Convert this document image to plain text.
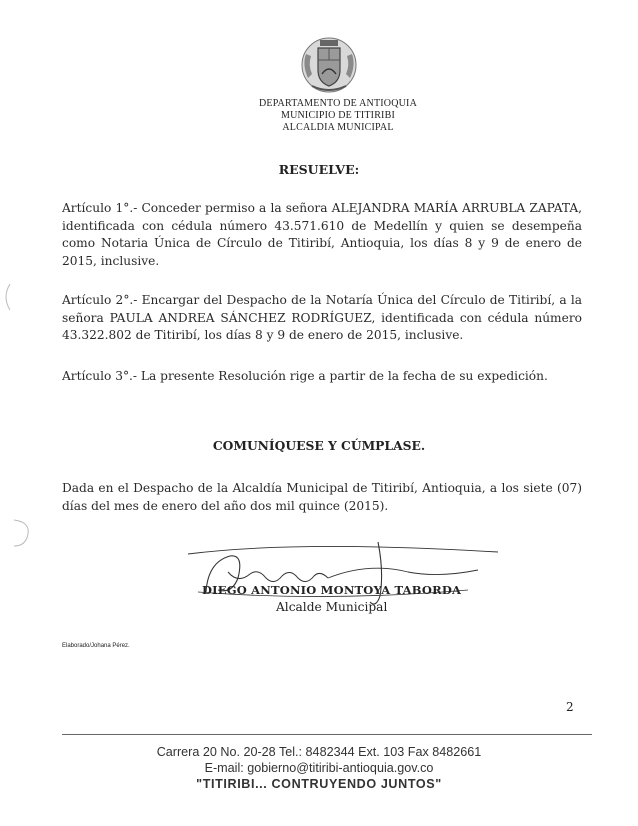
DEPARTAMENTO DE ANTIOQUIA
MUNICIPIO DE TITIRIBI
ALCALDIA MUNICIPAL
RESUELVE:
Artículo 1°.- Conceder permiso a la señora ALEJANDRA MARÍA ARRUBLA ZAPATA, identificada con cédula número 43.571.610 de Medellín y quien se desempeña como Notaria Única de Círculo de Titiribí, Antioquia, los días 8 y 9 de enero de 2015, inclusive.
Artículo 2°.- Encargar del Despacho de la Notaría Única del Círculo de Titiribí, a la señora PAULA ANDREA SÁNCHEZ RODRÍGUEZ, identificada con cédula número 43.322.802 de Titiribí, los días 8 y 9 de enero de 2015, inclusive.
Artículo 3°.- La presente Resolución rige a partir de la fecha de su expedición.
COMUNÍQUESE Y CÚMPLASE.
Dada en el Despacho de la Alcaldía Municipal de Titiribí, Antioquia, a los siete (07) días del mes de enero del año dos mil quince (2015).
DIEGO ANTONIO MONTOYA TABORDA
Alcalde Municipal
Elaborado/Johana Pérez.
2
Carrera 20 No. 20-28 Tel.: 8482344 Ext. 103 Fax 8482661
E-mail: gobierno@titiribi-antioquia.gov.co
"TITIRIBI... CONTRUYENDO JUNTOS"
